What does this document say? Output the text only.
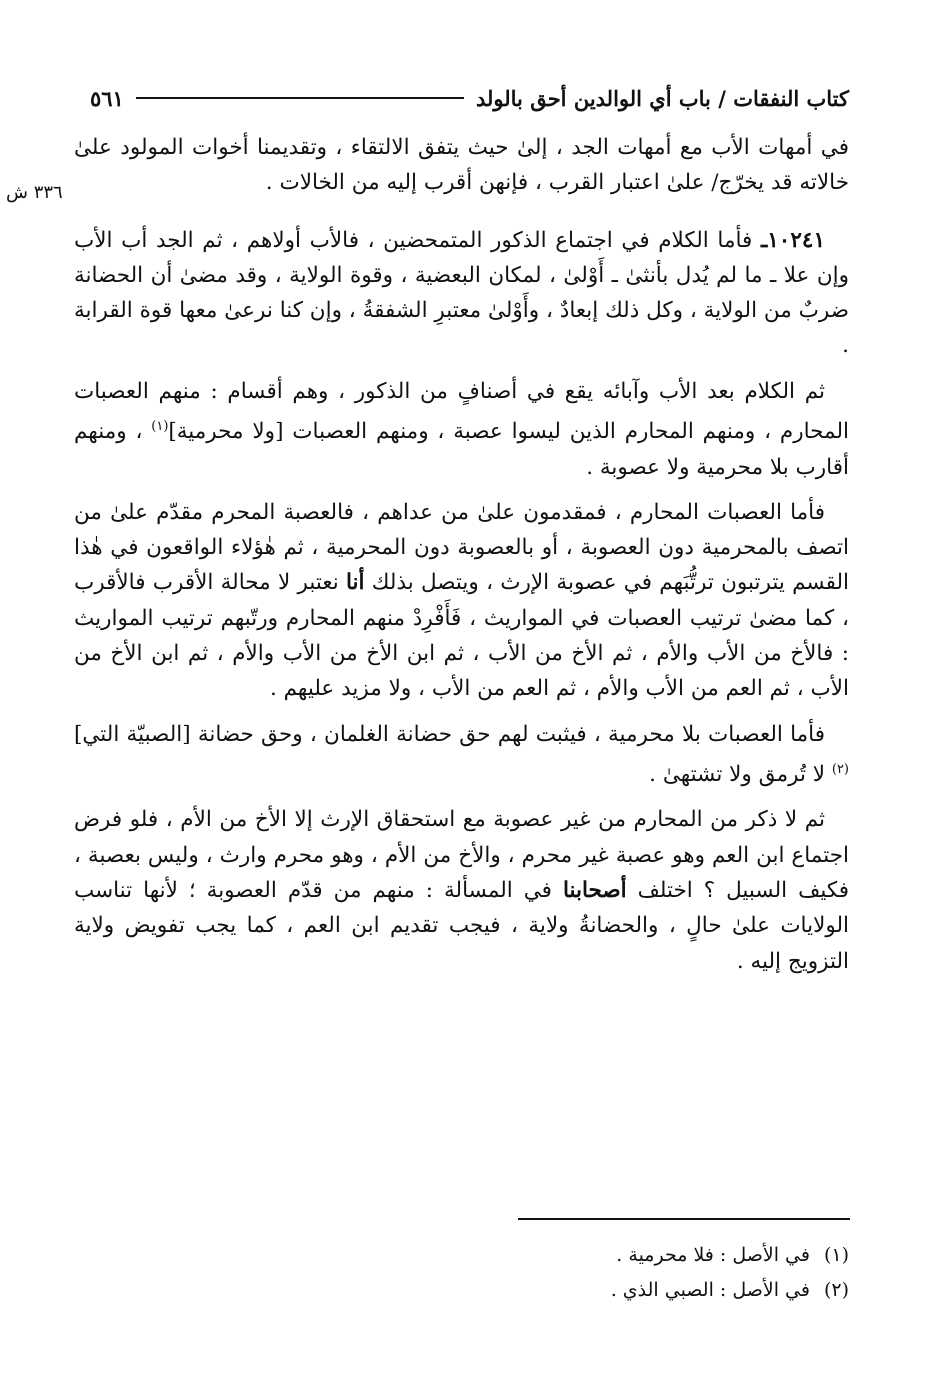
كتاب النفقات / باب أي الوالدين أحق بالولد
٥٦١
٣٣٦ ش

في أمهات الأب مع أمهات الجد ، إلىٰ حيث يتفق الالتقاء ، وتقديمنا أخوات المولود علىٰ خالاته قد يخرّج/ علىٰ اعتبار القرب ، فإنهن أقرب إليه من الخالات .

١٠٢٤١ـ فأما الكلام في اجتماع الذكور المتمحضين ، فالأب أولاهم ، ثم الجد أب الأب وإن علا ـ ما لم يُدل بأنثىٰ ـ أَوْلىٰ ، لمكان البعضية ، وقوة الولاية ، وقد مضىٰ أن الحضانة ضربٌ من الولاية ، وكل ذلك إبعادٌ ، وأَوْلىٰ معتبرِ الشفقةُ ، وإن كنا نرعىٰ معها قوة القرابة .

ثم الكلام بعد الأب وآبائه يقع في أصنافٍ من الذكور ، وهم أقسام : منهم العصبات المحارم ، ومنهم المحارم الذين ليسوا عصبة ، ومنهم العصبات [ولا محرمية]$^{(١)}$ ، ومنهم أقارب بلا محرمية ولا عصوبة .

فأما العصبات المحارم ، فمقدمون علىٰ من عداهم ، فالعصبة المحرم مقدّم علىٰ من اتصف بالمحرمية دون العصوبة ، أو بالعصوبة دون المحرمية ، ثم هٰؤلاء الواقعون في هٰذا القسم يترتبون ترتُّبَهم في عصوبة الإرث ، ويتصل بذلك أنا نعتبر لا محالة الأقرب فالأقرب ، كما مضىٰ ترتيب العصبات في المواريث ، فَأَفْرِدْ منهم المحارم ورتّبهم ترتيب المواريث : فالأخ من الأب والأم ، ثم الأخ من الأب ، ثم ابن الأخ من الأب والأم ، ثم ابن الأخ من الأب ، ثم العم من الأب والأم ، ثم العم من الأب ، ولا مزيد عليهم .

فأما العصبات بلا محرمية ، فيثبت لهم حق حضانة الغلمان ، وحق حضانة [الصبيّة التي]$^{(٢)}$ لا تُرمق ولا تشتهىٰ .

ثم لا ذكر من المحارم من غير عصوبة مع استحقاق الإرث إلا الأخ من الأم ، فلو فرض اجتماع ابن العم وهو عصبة غير محرم ، والأخ من الأم ، وهو محرم وارث ، وليس بعصبة ، فكيف السبيل ؟ اختلف أصحابنا في المسألة : منهم من قدّم العصوبة ؛ لأنها تناسب الولايات علىٰ حالٍ ، والحضانةُ ولاية ، فيجب تقديم ابن العم ، كما يجب تفويض ولاية التزويج إليه .

(١)
في الأصل : فلا محرمية .
(٢)
في الأصل : الصبي الذي .
